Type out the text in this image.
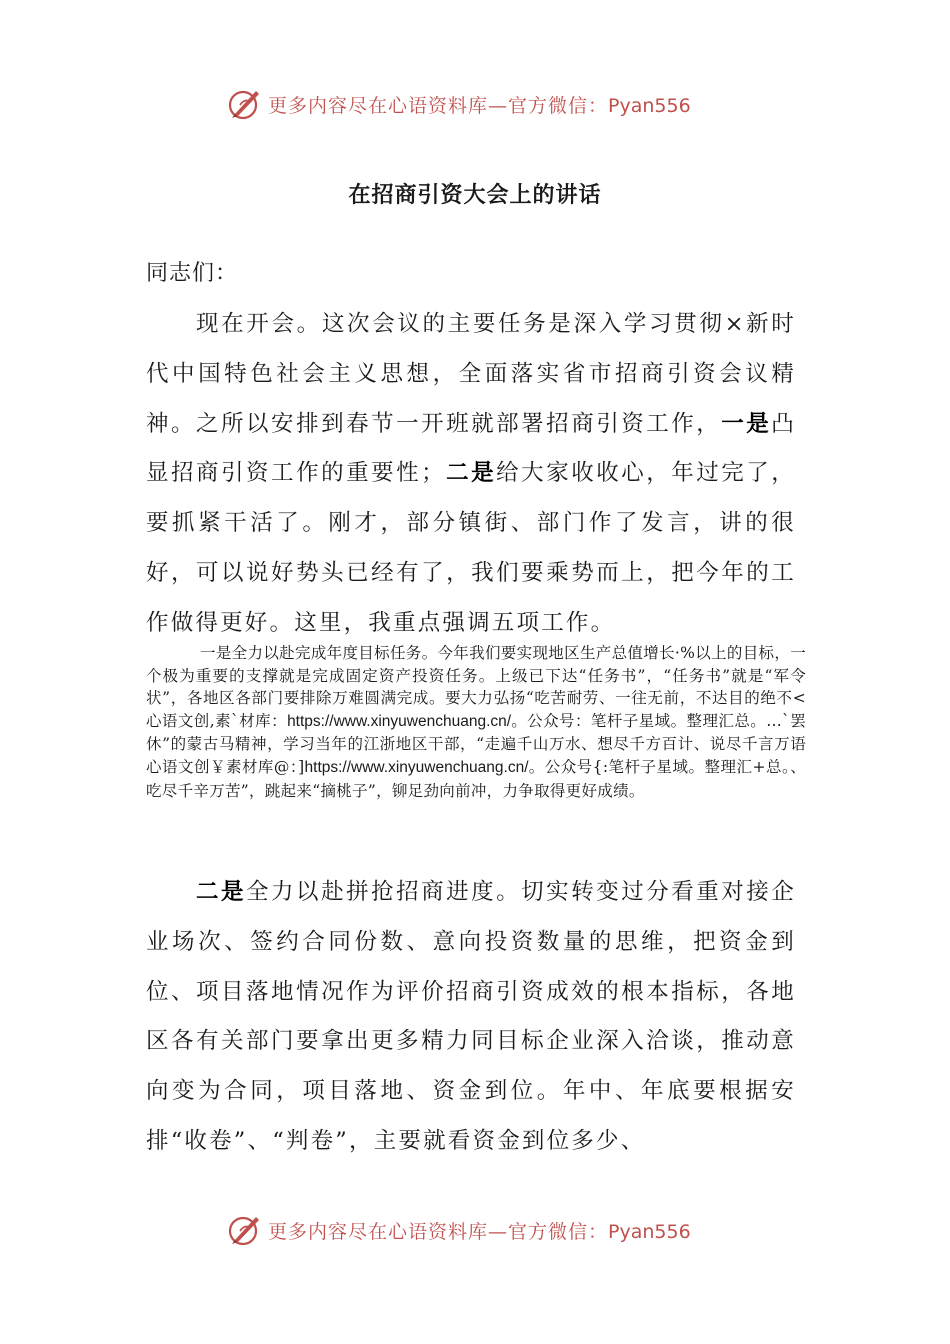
更多内容尽在心语资料库—官方微信：Pyan556
在招商引资大会上的讲话
同志们：

现在开会。这次会议的主要任务是深入学习贯彻×新时代中国特色社会主义思想，全面落实省市招商引资会议精神。之所以安排到春节一开班就部署招商引资工作，一是凸显招商引资工作的重要性；二是给大家收收心，年过完了，要抓紧干活了。刚才，部分镇街、部门作了发言，讲的很好，可以说好势头已经有了，我们要乘势而上，把今年的工作做得更好。这里，我重点强调五项工作。

一是全力以赴完成年度目标任务。今年我们要实现地区生产总值增长·%以上的目标，一个极为重要的支撑就是完成固定资产投资任务。上级已下达“任务书”，“任务书”就是“军令状”，各地区各部门要排除万难圆满完成。要大力弘扬“吃苦耐劳、一往无前，不达目的绝不<心语文创,素`材库：https://www.xinyuwenchuang.cn/。公众号：笔杆子星域。整理汇总。…`罢休”的蒙古马精神，学习当年的江浙地区干部，“走遍千山万水、想尽千方百计、说尽千言万语心语文创￥素材库@：]https://www.xinyuwenchuang.cn/。公众号{:笔杆子星域。整理汇+总。、吃尽千辛万苦”，跳起来“摘桃子”，铆足劲向前冲，力争取得更好成绩。

二是全力以赴拼抢招商进度。切实转变过分看重对接企业场次、签约合同份数、意向投资数量的思维，把资金到位、项目落地情况作为评价招商引资成效的根本指标，各地区各有关部门要拿出更多精力同目标企业深入洽谈，推动意向变为合同，项目落地、资金到位。年中、年底要根据安排“收卷”、“判卷”，主要就看资金到位多少、

更多内容尽在心语资料库—官方微信：Pyan556
